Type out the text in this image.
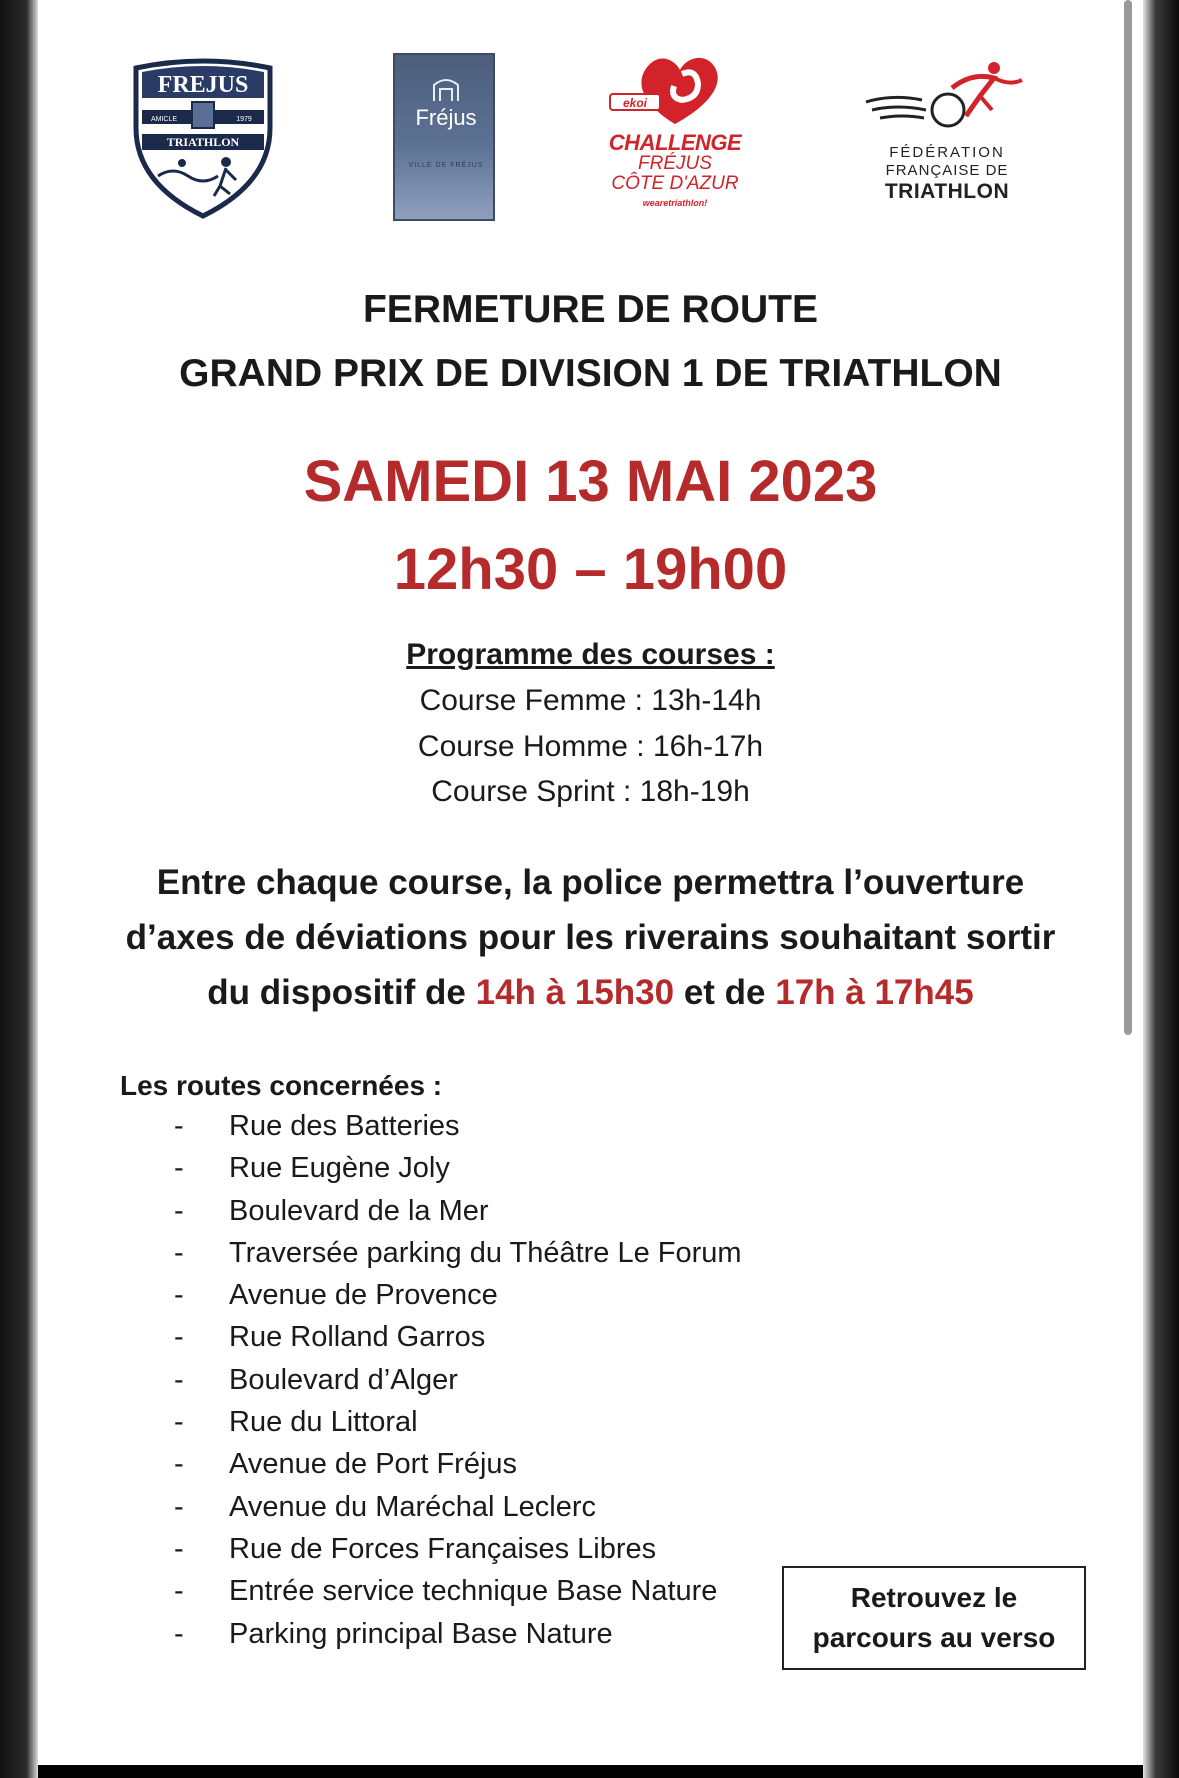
FREJUS
AMICLE	1979
TRIATHLON
Fréjus
VILLE DE FRÉJUS
ekoi
CHALLENGE
FRÉJUS
CÔTE D'AZUR
wearetriathlon!
FÉDÉRATION
FRANÇAISE DE
TRIATHLON
FERMETURE DE ROUTE
GRAND PRIX DE DIVISION 1 DE TRIATHLON
SAMEDI 13 MAI 2023
12h30 – 19h00
Programme des courses :
Course Femme : 13h-14h
Course Homme : 16h-17h
Course Sprint : 18h-19h
Entre chaque course, la police permettra l’ouverture
d’axes de déviations pour les riverains souhaitant sortir
du dispositif de 14h à 15h30 et de 17h à 17h45
Les routes concernées :
- Rue des Batteries
- Rue Eugène Joly
- Boulevard de la Mer
- Traversée parking du Théâtre Le Forum
- Avenue de Provence
- Rue Rolland Garros
- Boulevard d’Alger
- Rue du Littoral
- Avenue de Port Fréjus
- Avenue du Maréchal Leclerc
- Rue de Forces Françaises Libres
- Entrée service technique Base Nature
- Parking principal Base Nature
Retrouvez le
parcours au verso
